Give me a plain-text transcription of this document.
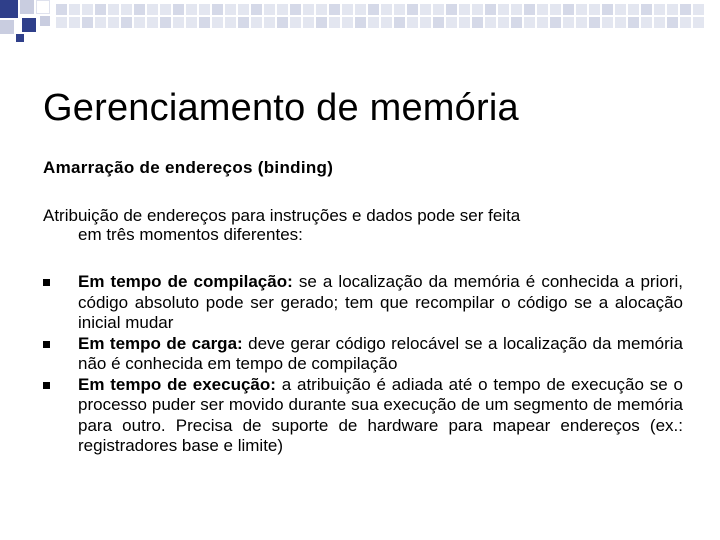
Gerenciamento de memória
Amarração de endereços (binding)
Atribuição de endereços para instruções e dados pode ser feita
em três momentos diferentes:
Em tempo de compilação: se a localização da memória é conhecida a priori, código absoluto pode ser gerado; tem que recompilar o código se a alocação inicial mudar
Em tempo de carga: deve gerar código relocável se a localização da memória não é conhecida em tempo de compilação
Em tempo de execução: a atribuição é adiada até o tempo de execução se o processo puder ser movido durante sua execução de um segmento de memória para outro. Precisa de suporte de hardware para mapear endereços (ex.: registradores base e limite)
